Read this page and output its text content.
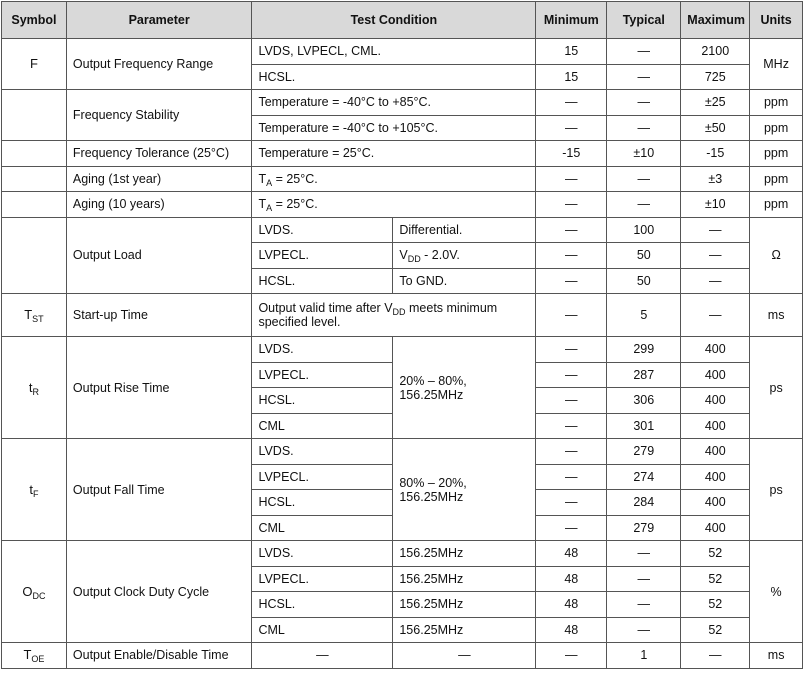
Symbol	Parameter	Test Condition		Minimum	Typical	Maximum	Units
F	Output Frequency Range	LVDS, LVPECL, CML.		15	—	2100	MHz
		HCSL.		15	—	725	
	Frequency Stability	Temperature = -40°C to +85°C.		—	—	±25	ppm
		Temperature = -40°C to +105°C.		—	—	±50	ppm
	Frequency Tolerance (25°C)	Temperature = 25°C.		-15	±10	-15	ppm
	Aging (1st year)	$T_A = 25^\circ C$.		—	—	±3	ppm
	Aging (10 years)	$T_A = 25^\circ C$.		—	—	±10	ppm
	Output Load	LVDS.	Differential.	—	100	—	Ω
		LVPECL.	$V_{DD} - 2.0V$.	—	50	—	
		HCSL.	To GND.	—	50	—	
$T_{ST}$	Start-up Time	Output valid time after $V_{DD}$ meets minimum
specified level.		—	5	—	ms
$t_R$	Output Rise Time	LVDS.	20% – 80%,
156.25MHz	—	299	400	ps
		LVPECL.		—	287	400	
		HCSL.		—	306	400	
		CML		—	301	400	
$t_F$	Output Fall Time	LVDS.	80% – 20%,
156.25MHz	—	279	400	ps
		LVPECL.		—	274	400	
		HCSL.		—	284	400	
		CML		—	279	400	
$O_{DC}$	Output Clock Duty Cycle	LVDS.	156.25MHz	48	—	52	%
		LVPECL.	156.25MHz	48	—	52	
		HCSL.	156.25MHz	48	—	52	
		CML	156.25MHz	48	—	52	
$T_{OE}$	Output Enable/Disable Time	—	—	—	1	—	ms
